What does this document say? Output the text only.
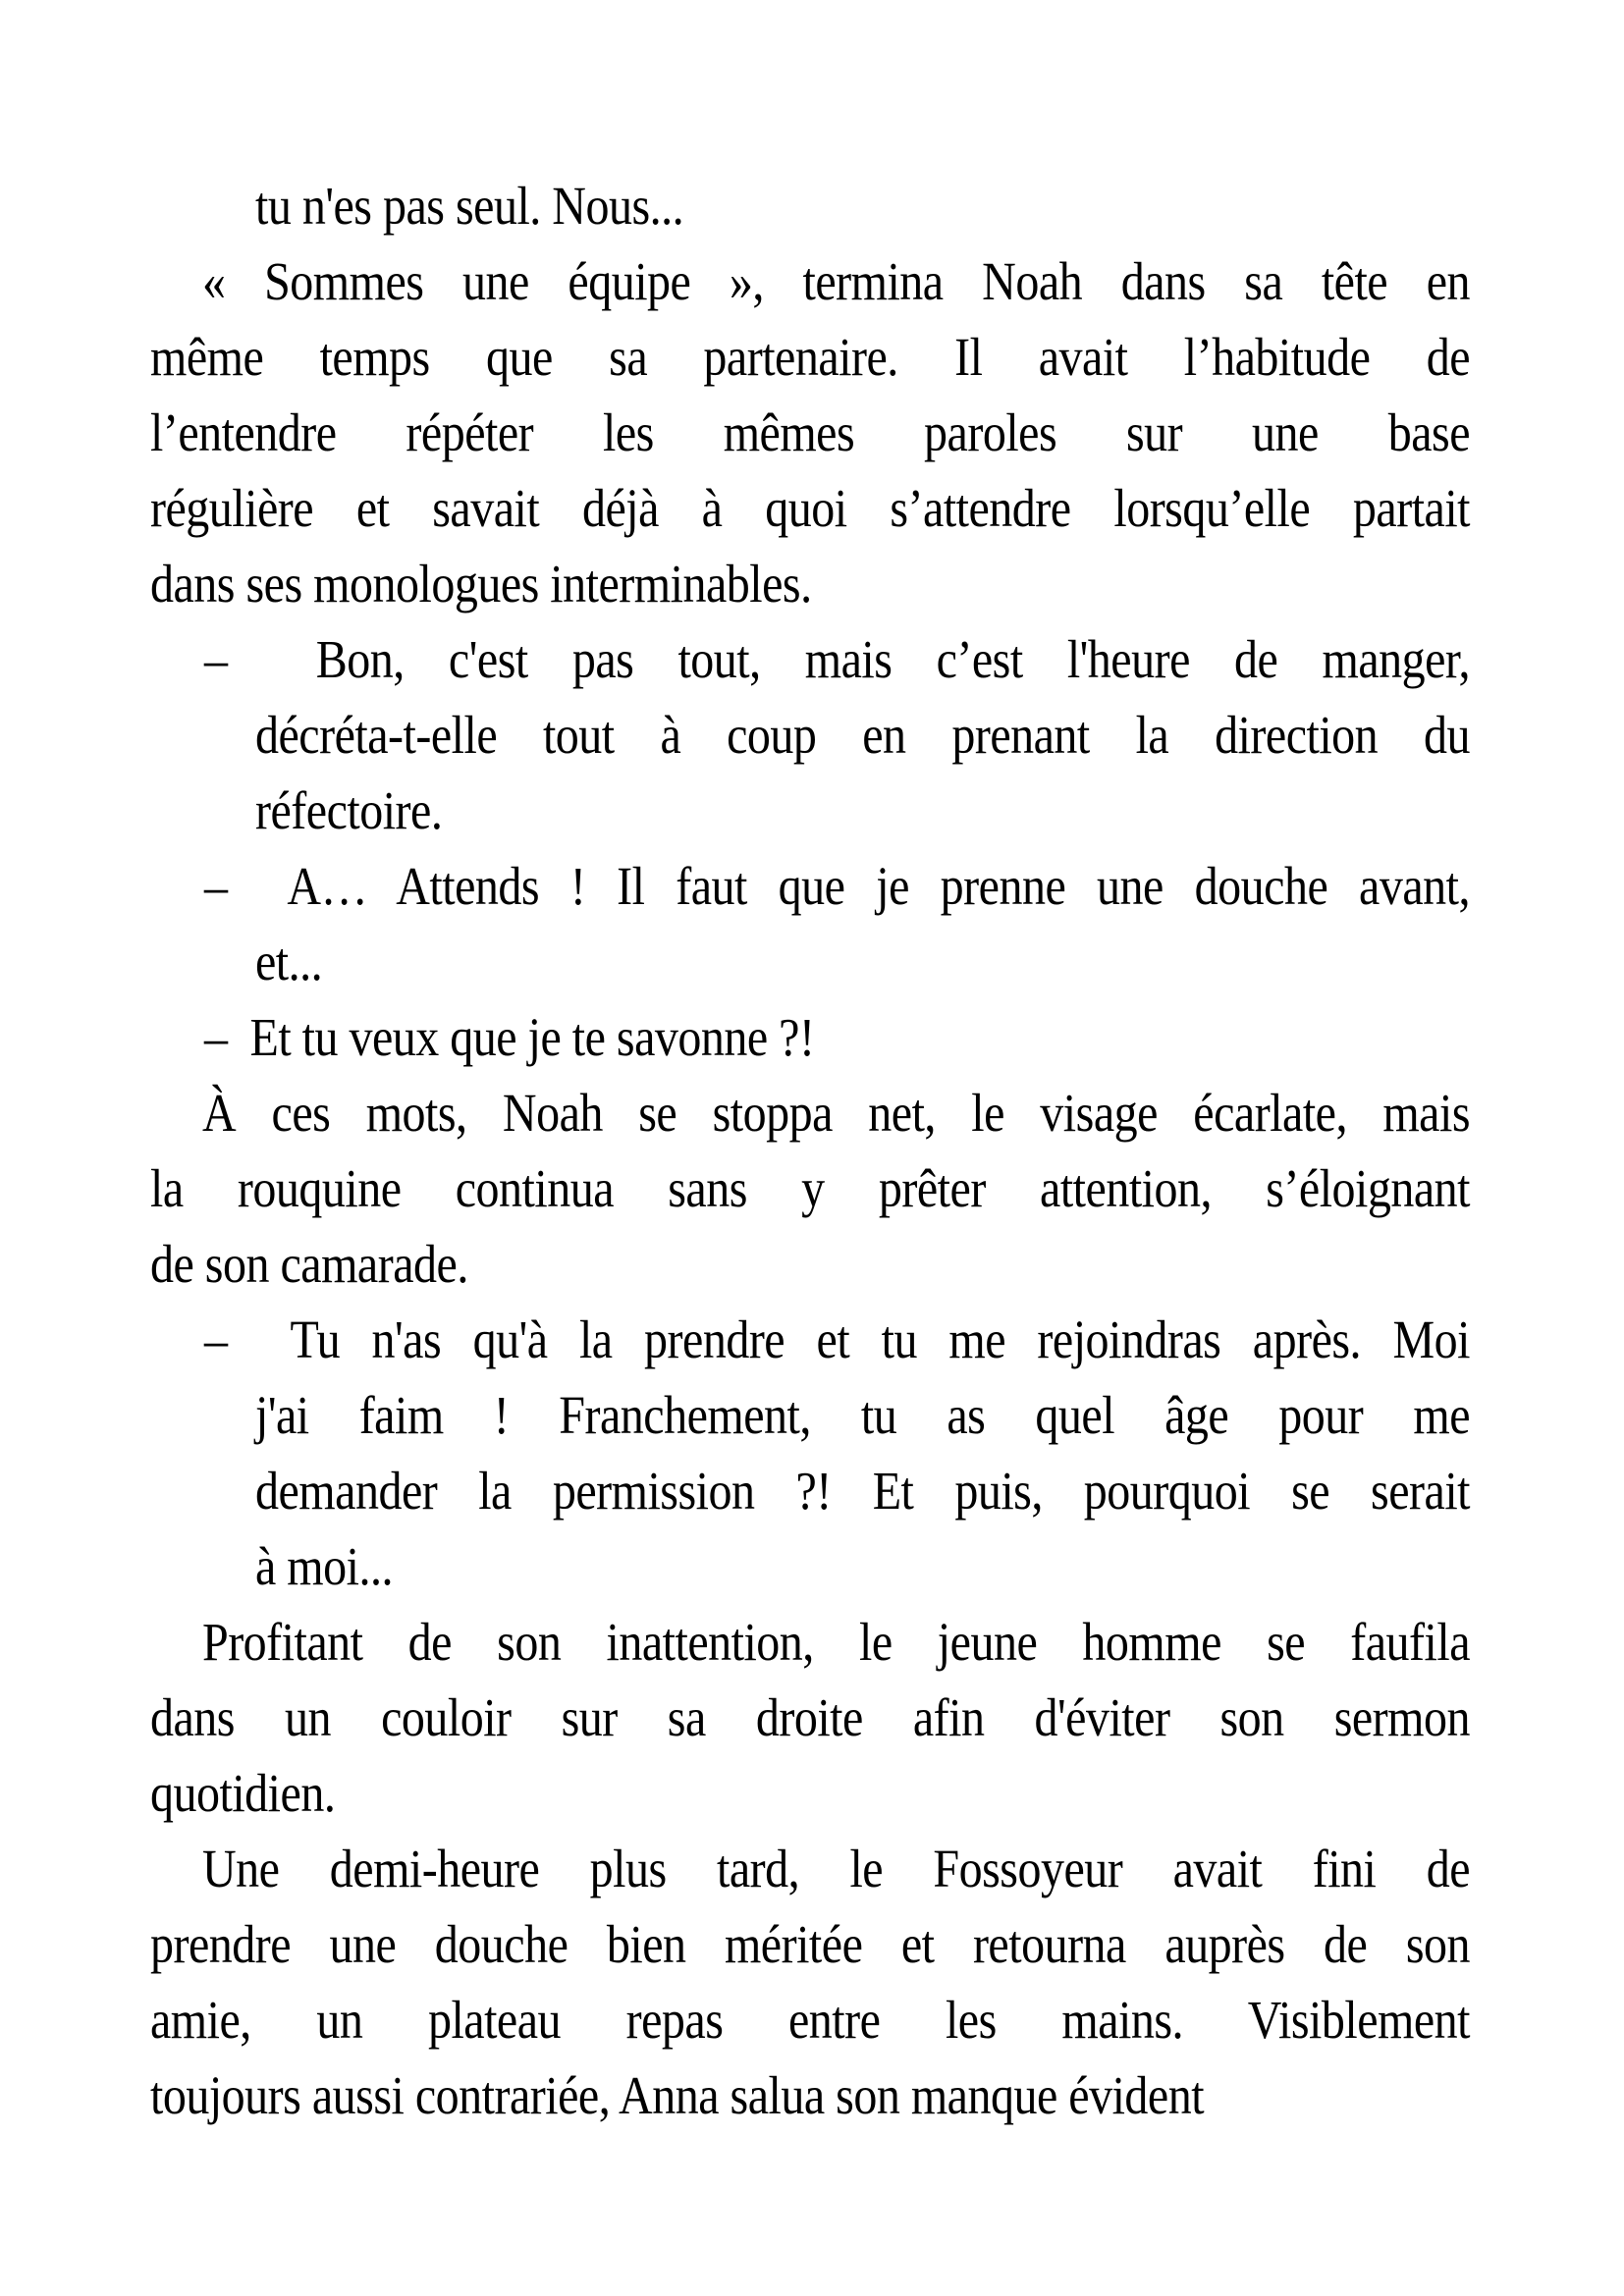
tu n'es pas seul. Nous...
« Sommes une équipe », termina Noah dans sa tête en
même temps que sa partenaire. Il avait l’habitude de
l’entendre répéter les mêmes paroles sur une base
régulière et savait déjà à quoi s’attendre lorsqu’elle partait
dans ses monologues interminables.
–  Bon, c'est pas tout, mais c’est l'heure de manger,
décréta-t-elle tout à coup en prenant la direction du
réfectoire.
–  A… Attends ! Il faut que je prenne une douche avant,
et...
–  Et tu veux que je te savonne ?!
À ces mots, Noah se stoppa net, le visage écarlate, mais
la rouquine continua sans y prêter attention, s’éloignant
de son camarade.
–  Tu n'as qu'à la prendre et tu me rejoindras après. Moi
j'ai faim ! Franchement, tu as quel âge pour me
demander la permission ?! Et puis, pourquoi se serait
à moi...
Profitant de son inattention, le jeune homme se faufila
dans un couloir sur sa droite afin d'éviter son sermon
quotidien.
Une demi-heure plus tard, le Fossoyeur avait fini de
prendre une douche bien méritée et retourna auprès de son
amie, un plateau repas entre les mains. Visiblement
toujours aussi contrariée, Anna salua son manque évident
